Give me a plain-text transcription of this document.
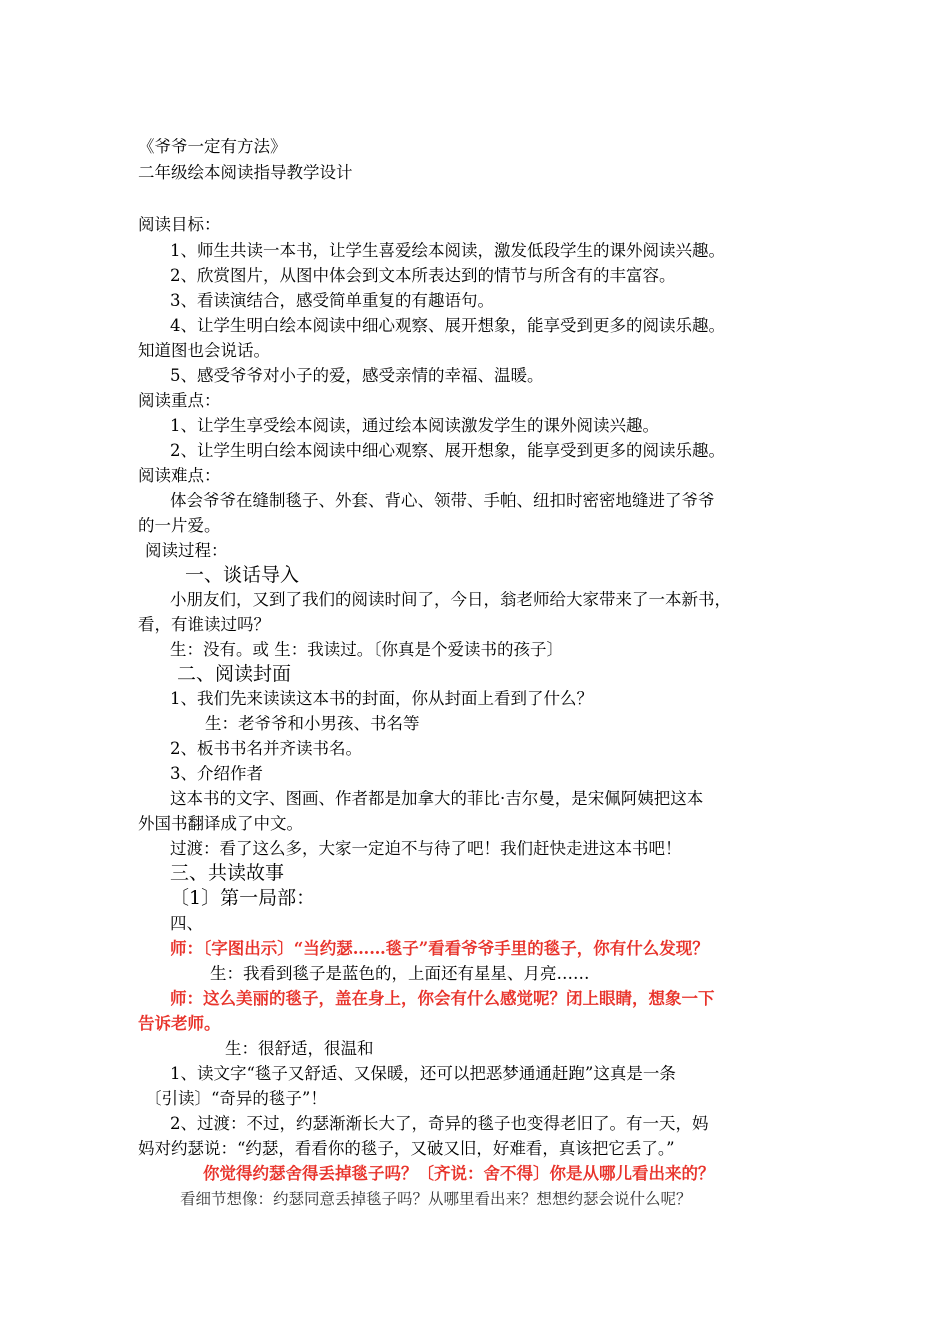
《爷爷一定有方法》
二年级绘本阅读指导教学设计
阅读目标：
1、师生共读一本书，让学生喜爱绘本阅读，激发低段学生的课外阅读兴趣。
2、欣赏图片，从图中体会到文本所表达到的情节与所含有的丰富容。
3、看读演结合，感受简单重复的有趣语句。
4、让学生明白绘本阅读中细心观察、展开想象，能享受到更多的阅读乐趣。
知道图也会说话。
5、感受爷爷对小子的爱，感受亲情的幸福、温暖。
阅读重点：
1、让学生享受绘本阅读，通过绘本阅读激发学生的课外阅读兴趣。
2、让学生明白绘本阅读中细心观察、展开想象，能享受到更多的阅读乐趣。
阅读难点：
体会爷爷在缝制毯子、外套、背心、领带、手帕、纽扣时密密地缝进了爷爷
的一片爱。
阅读过程：
一、谈话导入
小朋友们，又到了我们的阅读时间了，今日，翁老师给大家带来了一本新书，
看，有谁读过吗？
生：没有。或 生：我读过。〔你真是个爱读书的孩子〕
二、阅读封面
1、我们先来读读这本书的封面，你从封面上看到了什么？
生：老爷爷和小男孩、书名等
2、板书书名并齐读书名。
3、介绍作者
这本书的文字、图画、作者都是加拿大的菲比·吉尔曼，是宋佩阿姨把这本
外国书翻译成了中文。
过渡：看了这么多，大家一定迫不与待了吧！我们赶快走进这本书吧！
三、共读故事
〔1〕第一局部：
四、
师：〔字图出示〕“当约瑟……毯子”看看爷爷手里的毯子，你有什么发现？
生：我看到毯子是蓝色的，上面还有星星、月亮……
师：这么美丽的毯子，盖在身上，你会有什么感觉呢？闭上眼睛，想象一下
告诉老师。
生：很舒适，很温和
1、读文字“毯子又舒适、又保暖，还可以把恶梦通通赶跑”这真是一条
〔引读〕“奇异的毯子”！
2、过渡：不过，约瑟渐渐长大了，奇异的毯子也变得老旧了。有一天，妈
妈对约瑟说：“约瑟，看看你的毯子，又破又旧，好难看，真该把它丢了。”
你觉得约瑟舍得丢掉毯子吗？〔齐说：舍不得〕你是从哪儿看出来的？
看细节想像：约瑟同意丢掉毯子吗？从哪里看出来？想想约瑟会说什么呢？
